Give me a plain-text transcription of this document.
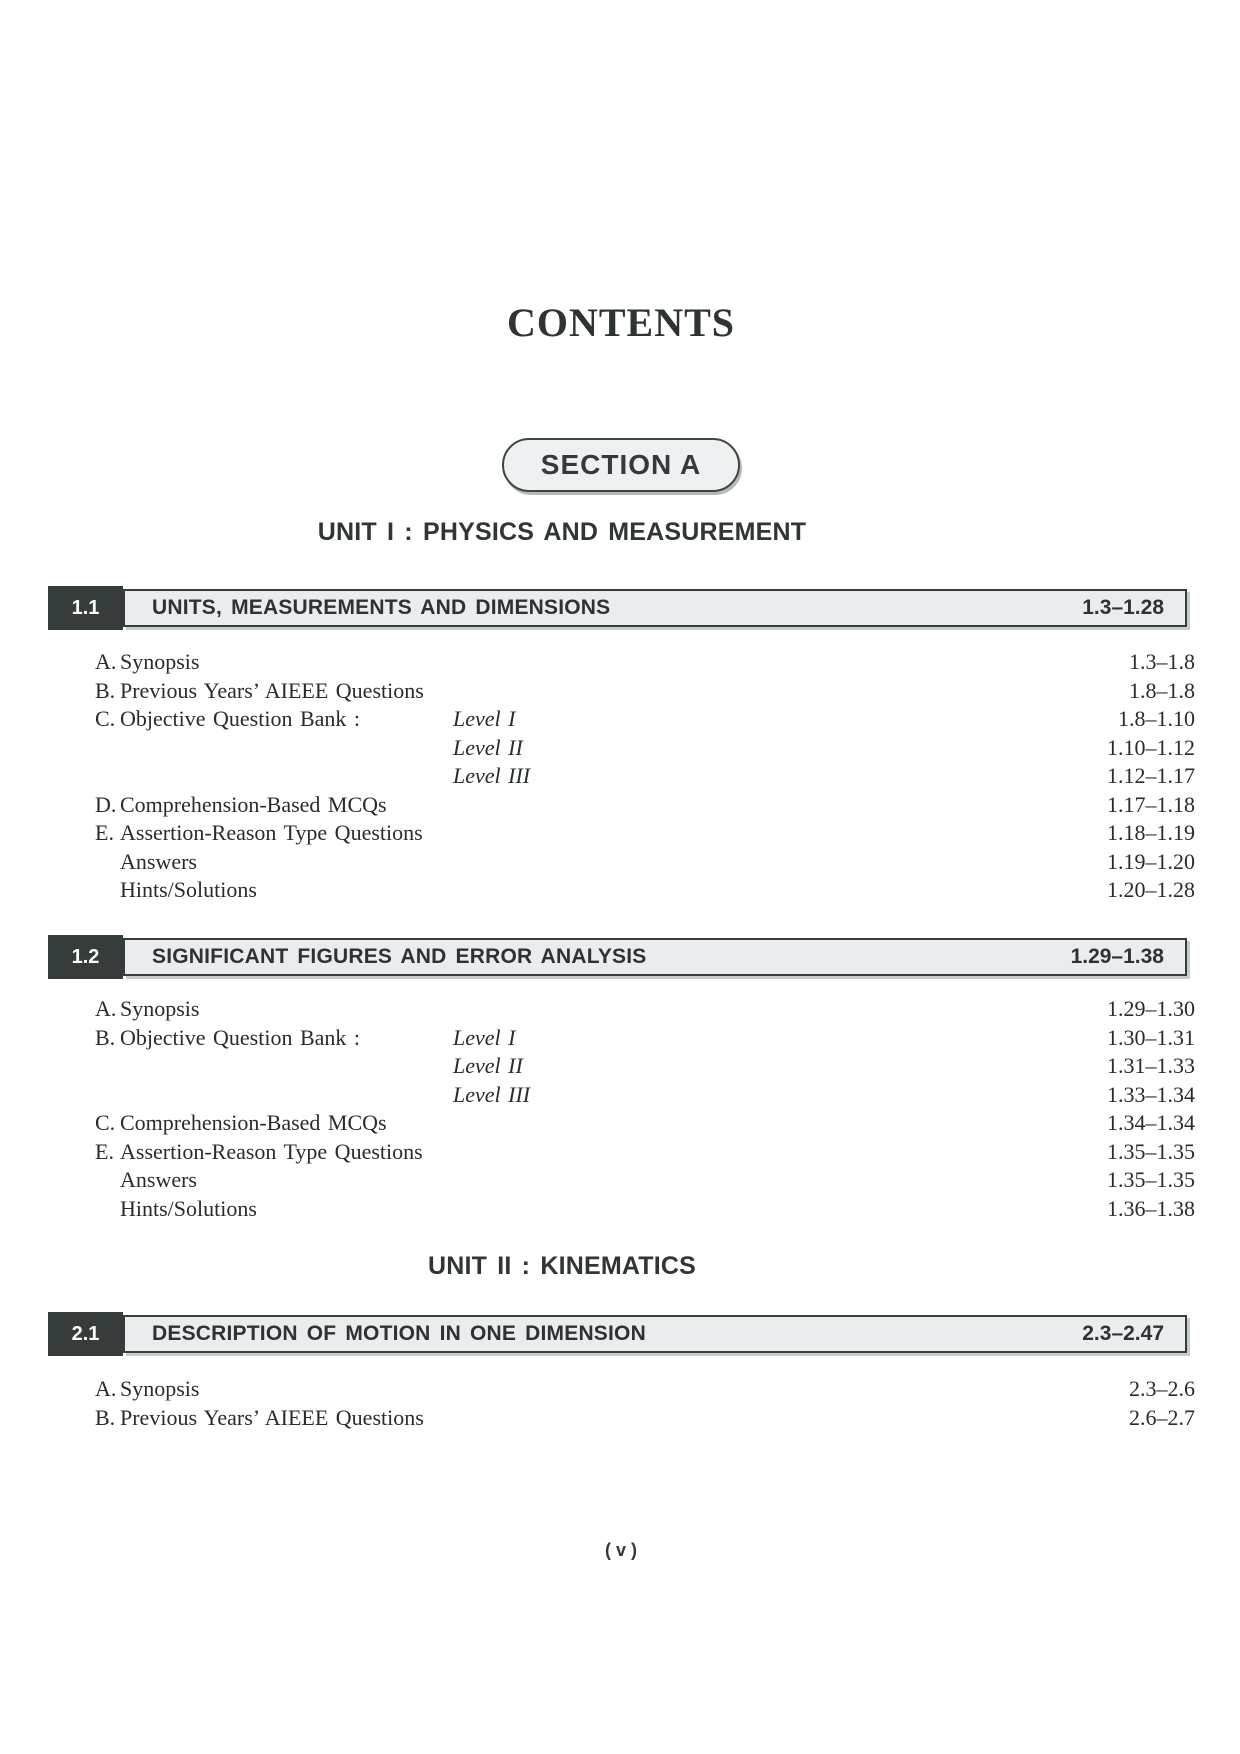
CONTENTS
SECTION A
UNIT I : PHYSICS AND MEASUREMENT
1.1	UNITS, MEASUREMENTS AND DIMENSIONS	1.3–1.28
A. Synopsis	1.3–1.8
B. Previous Years’ AIEEE Questions	1.8–1.8
C. Objective Question Bank :	Level I	1.8–1.10
Level II	1.10–1.12
Level III	1.12–1.17
D. Comprehension-Based MCQs	1.17–1.18
E. Assertion-Reason Type Questions	1.18–1.19
Answers	1.19–1.20
Hints/Solutions	1.20–1.28
1.2	SIGNIFICANT FIGURES AND ERROR ANALYSIS	1.29–1.38
A. Synopsis	1.29–1.30
B. Objective Question Bank :	Level I	1.30–1.31
Level II	1.31–1.33
Level III	1.33–1.34
C. Comprehension-Based MCQs	1.34–1.34
E. Assertion-Reason Type Questions	1.35–1.35
Answers	1.35–1.35
Hints/Solutions	1.36–1.38
UNIT II : KINEMATICS
2.1	DESCRIPTION OF MOTION IN ONE DIMENSION	2.3–2.47
A. Synopsis	2.3–2.6
B. Previous Years’ AIEEE Questions	2.6–2.7
( v )
